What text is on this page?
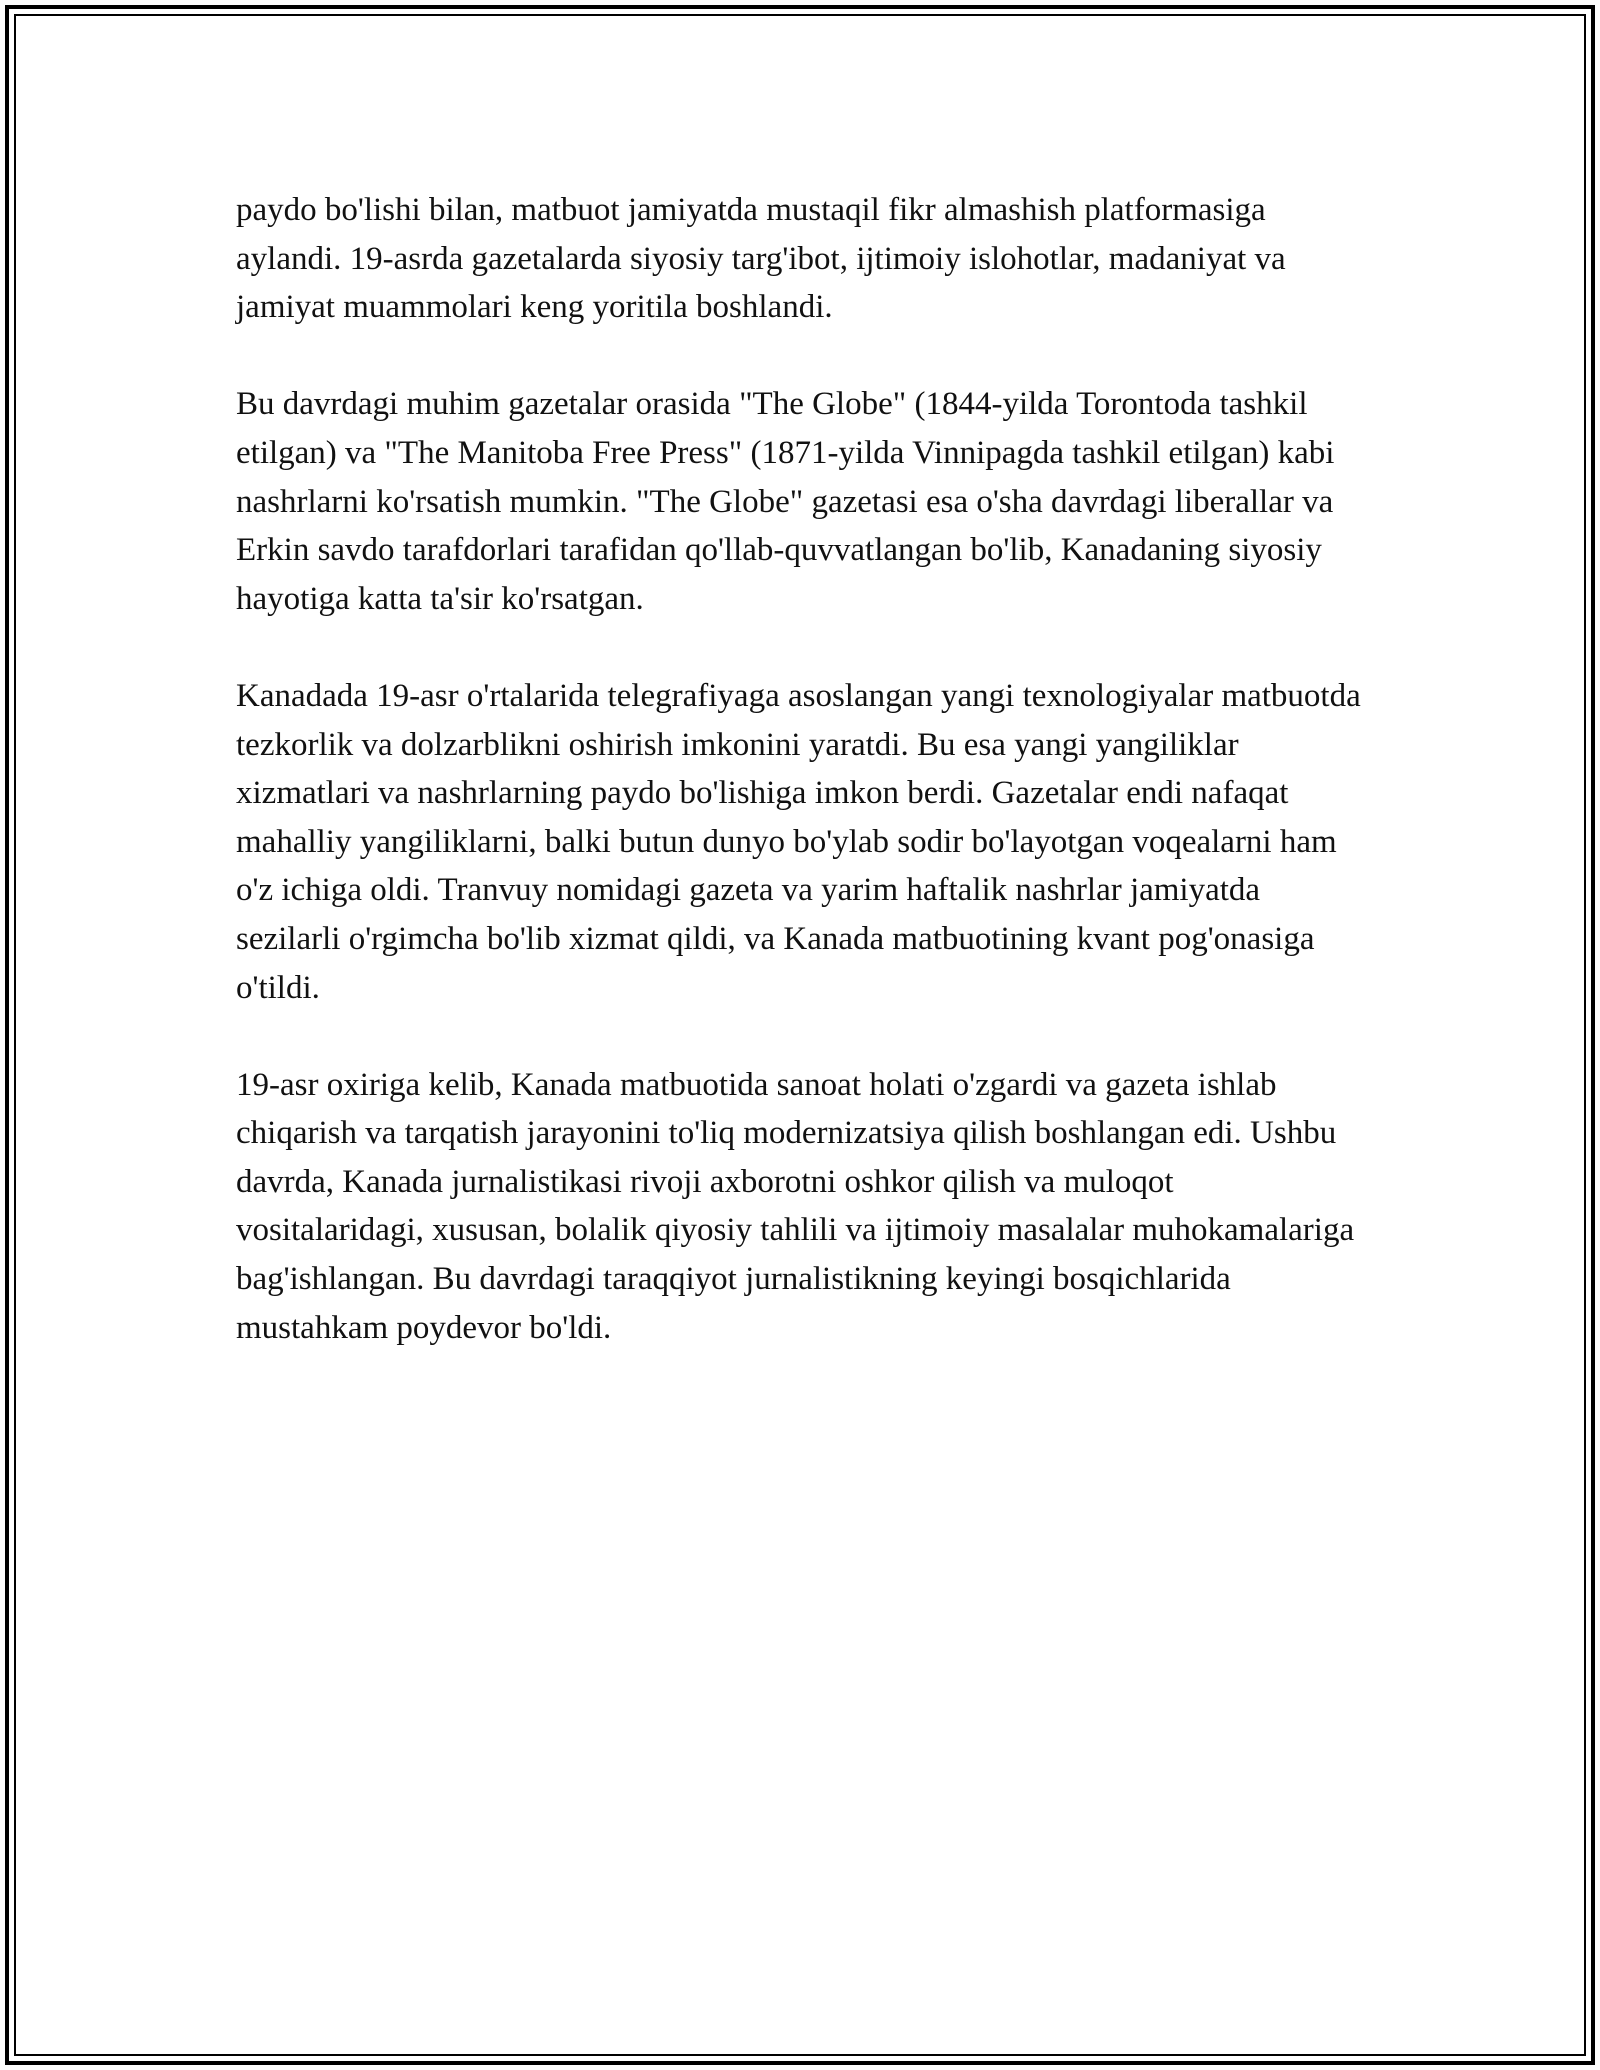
paydo bo'lishi bilan, matbuot jamiyatda mustaqil fikr almashish platformasiga aylandi. 19-asrda gazetalarda siyosiy targ'ibot, ijtimoiy islohotlar, madaniyat va jamiyat muammolari keng yoritila boshlandi.

Bu davrdagi muhim gazetalar orasida "The Globe" (1844-yilda Torontoda tashkil etilgan) va "The Manitoba Free Press" (1871-yilda Vinnipagda tashkil etilgan) kabi nashrlarni ko'rsatish mumkin. "The Globe" gazetasi esa o'sha davrdagi liberallar va Erkin savdo tarafdorlari tarafidan qo'llab-quvvatlangan bo'lib, Kanadaning siyosiy hayotiga katta ta'sir ko'rsatgan.

Kanadada 19-asr o'rtalarida telegrafiyaga asoslangan yangi texnologiyalar matbuotda tezkorlik va dolzarblikni oshirish imkonini yaratdi. Bu esa yangi yangiliklar xizmatlari va nashrlarning paydo bo'lishiga imkon berdi. Gazetalar endi nafaqat mahalliy yangiliklarni, balki butun dunyo bo'ylab sodir bo'layotgan voqealarni ham o'z ichiga oldi. Tranvuy nomidagi gazeta va yarim haftalik nashrlar jamiyatda sezilarli o'rgimcha bo'lib xizmat qildi, va Kanada matbuotining kvant pog'onasiga o'tildi.

19-asr oxiriga kelib, Kanada matbuotida sanoat holati o'zgardi va gazeta ishlab chiqarish va tarqatish jarayonini to'liq modernizatsiya qilish boshlangan edi. Ushbu davrda, Kanada jurnalistikasi rivoji axborotni oshkor qilish va muloqot vositalaridagi, xususan, bolalik qiyosiy tahlili va ijtimoiy masalalar muhokamalariga bag'ishlangan. Bu davrdagi taraqqiyot jurnalistikning keyingi bosqichlarida mustahkam poydevor bo'ldi.
